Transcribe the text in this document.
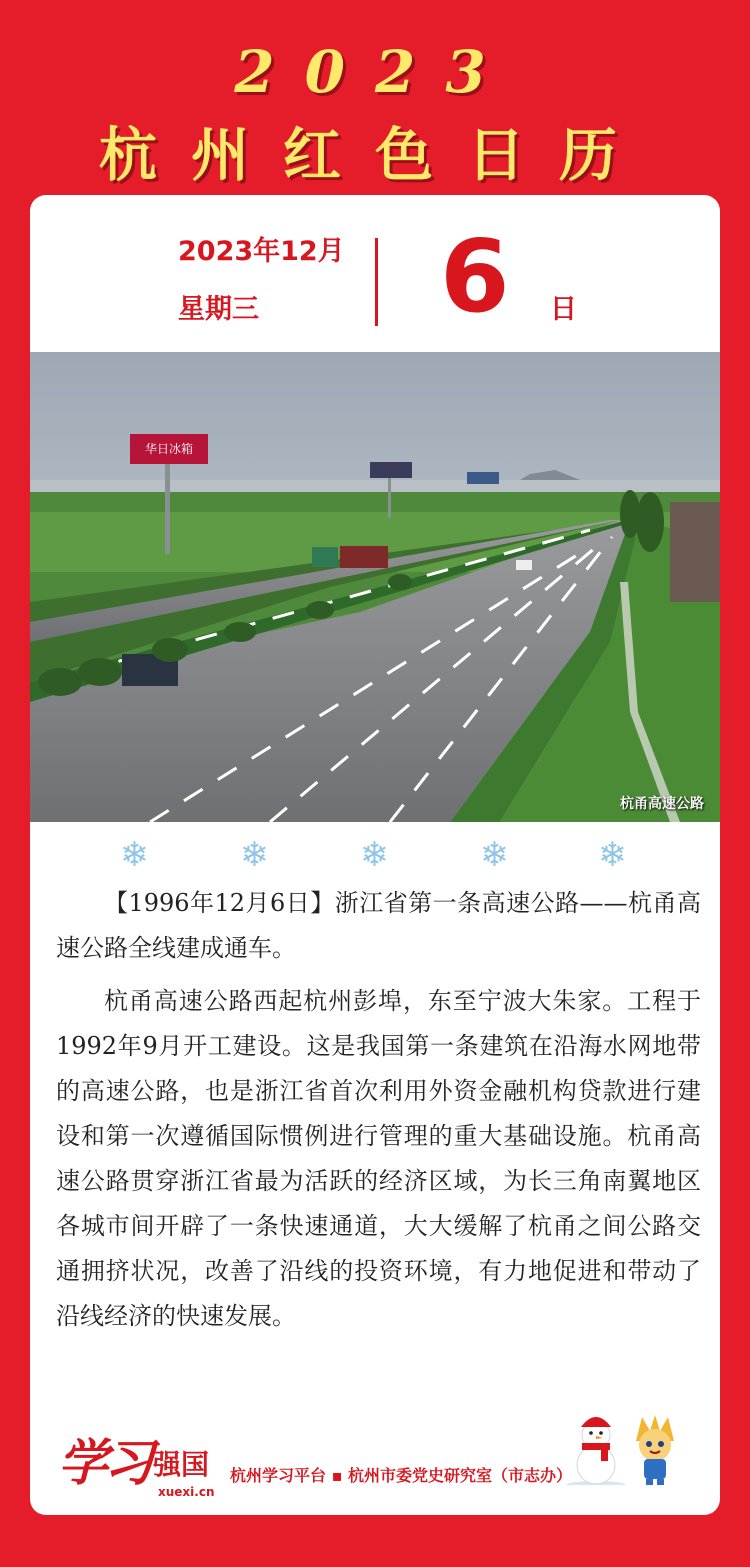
2023
杭州红色日历
2023年12月
星期三 6 日
华日冰箱
杭甬高速公路
❄	❄	❄	❄	❄

【1996年12月6日】浙江省第一条高速公路——杭甬高速公路全线建成通车。

杭甬高速公路西起杭州彭埠，东至宁波大朱家。工程于1992年9月开工建设。这是我国第一条建筑在沿海水网地带的高速公路，也是浙江省首次利用外资金融机构贷款进行建设和第一次遵循国际惯例进行管理的重大基础设施。杭甬高速公路贯穿浙江省最为活跃的经济区域，为长三角南翼地区各城市间开辟了一条快速通道，大大缓解了杭甬之间公路交通拥挤状况，改善了沿线的投资环境，有力地促进和带动了沿线经济的快速发展。

学习 强国
xuexi.cn
杭州学习平台 ▪ 杭州市委党史研究室（市志办）
